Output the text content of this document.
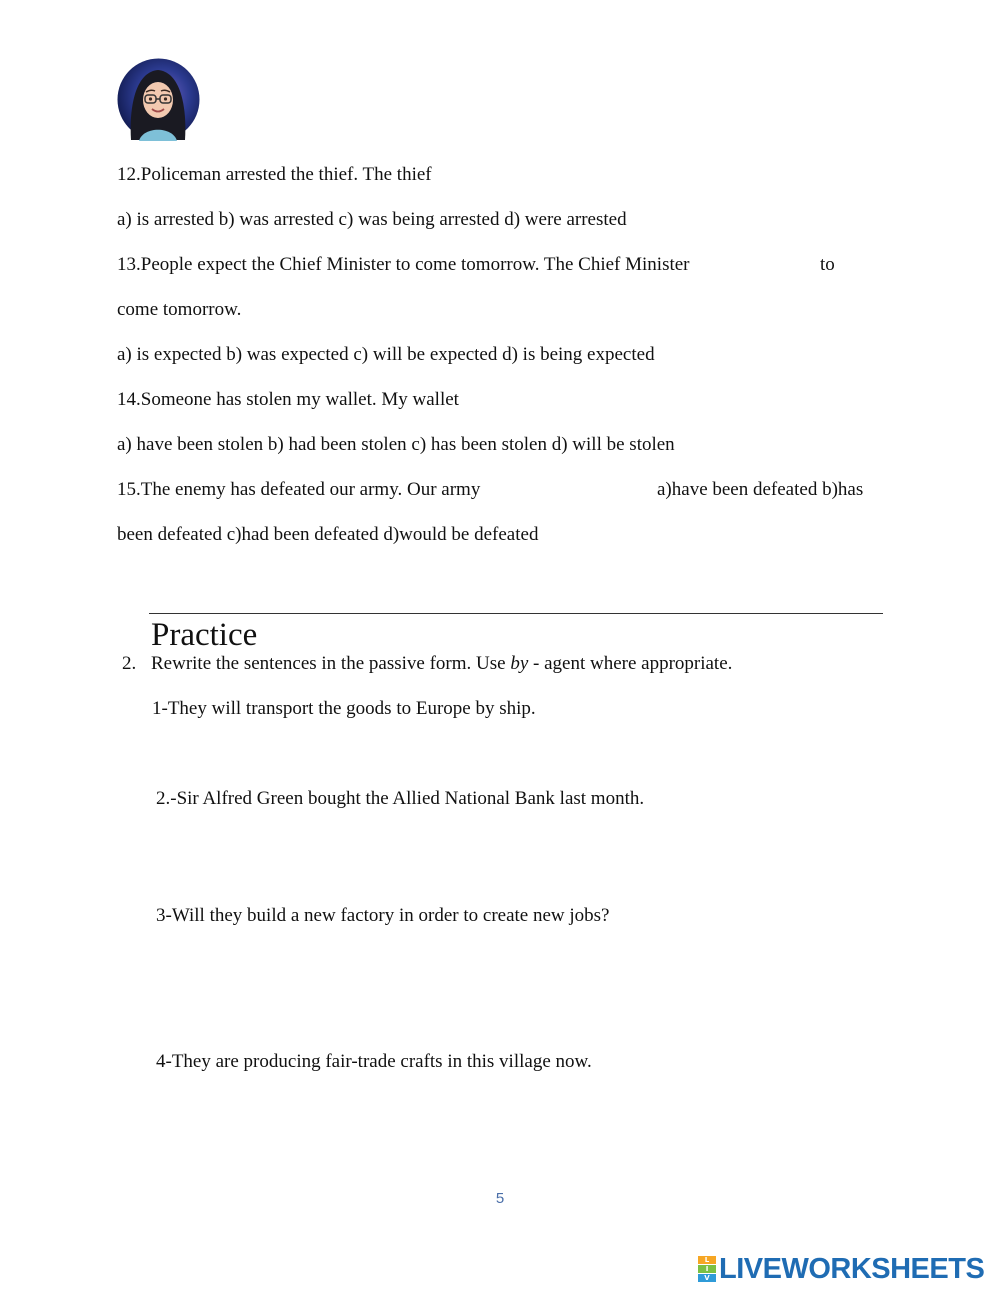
12.Policeman arrested the thief. The thief
a) is arrested b) was arrested c) was being arrested d) were arrested
13.People expect the Chief Minister to come tomorrow. The Chief Minister	to
come tomorrow.
a) is expected b) was expected c) will be expected d) is being expected
14.Someone has stolen my wallet. My wallet
a) have been stolen b) had been stolen c) has been stolen d) will be stolen
15.The enemy has defeated our army. Our army	a)have been defeated b)has
been defeated c)had been defeated d)would be defeated
Practice
2. Rewrite the sentences in the passive form. Use by - agent where appropriate.
1-They will transport the goods to Europe by ship.
2.-Sir Alfred Green bought the Allied National Bank last month.
3-Will they build a new factory in order to create new jobs?
4-They are producing fair-trade crafts in this village now.
5
L
I
V LIVEWORKSHEETS
